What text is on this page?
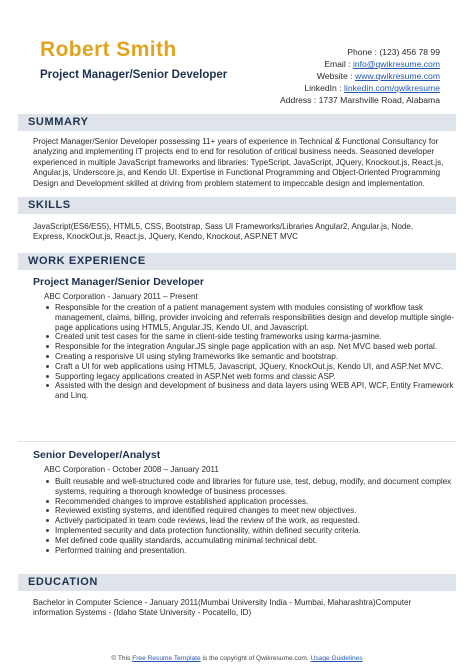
Robert Smith
Project Manager/Senior Developer
Phone : (123) 456 78 99
Email : info@qwikresume.com
Website : www.qwikresume.com
LinkedIn : linkedin.com/qwikresume
Address : 1737 Marshville Road, Alabama
SUMMARY
Project Manager/Senior Developer possessing 11+ years of experience in Technical & Functional Consultancy for analyzing and implementing IT projects end to end for resolution of critical business needs. Seasoned developer experienced in multiple JavaScript frameworks and libraries: TypeScript, JavaScript, JQuery, Knockout.js, React.js, Angular.js, Underscore.js, and Kendo UI. Expertise in Functional Programming and Object-Oriented Programming Design and Development skilled at driving from problem statement to impeccable design and implementation.
SKILLS
JavaScript(ES6/ES5), HTML5, CSS, Bootstrap, Sass UI Frameworks/Libraries Angular2, Angular.js, Node, Express, KnockOut.js, React.js, JQuery, Kendo, Knockout, ASP.NET MVC
WORK EXPERIENCE
Project Manager/Senior Developer
ABC Corporation - January 2011 – Present
Responsible for the creation of a patient management system with modules consisting of workflow task management, claims, billing, provider invoicing and referrals responsibilities design and develop multiple single-page applications using HTML5, Angular.JS, Kendo UI, and Javascript.
Created unit test cases for the same in client-side testing frameworks using karma-jasmine.
Responsible for the integration Angular.JS single page application with an asp. Net MVC based web portal.
Creating a responsive UI using styling frameworks like semantic and bootstrap.
Craft a UI for web applications using HTML5, Javascript, JQuery, KnockOut.js, Kendo UI, and ASP.Net MVC.
Supporting legacy applications created in ASP.Net web forms and classic ASP.
Assisted with the design and development of business and data layers using WEB API, WCF, Entity Framework and Linq.
Senior Developer/Analyst
ABC Corporation - October 2008 – January 2011
Built reusable and well-structured code and libraries for future use, test, debug, modify, and document complex systems, requiring a thorough knowledge of business processes.
Recommended changes to improve established application processes.
Reviewed existing systems, and identified required changes to meet new objectives.
Actively participated in team code reviews, lead the review of the work, as requested.
Implemented security and data protection functionality, within defined security criteria.
Met defined code quality standards, accumulating minimal technical debt.
Performed training and presentation.
EDUCATION
Bachelor in Computer Science - January 2011(Mumbai University India - Mumbai, Maharashtra)Computer information Systems - (Idaho State University - Pocatello, ID)
© This Free Resume Template is the copyright of Qwikresume.com. Usage Guidelines
